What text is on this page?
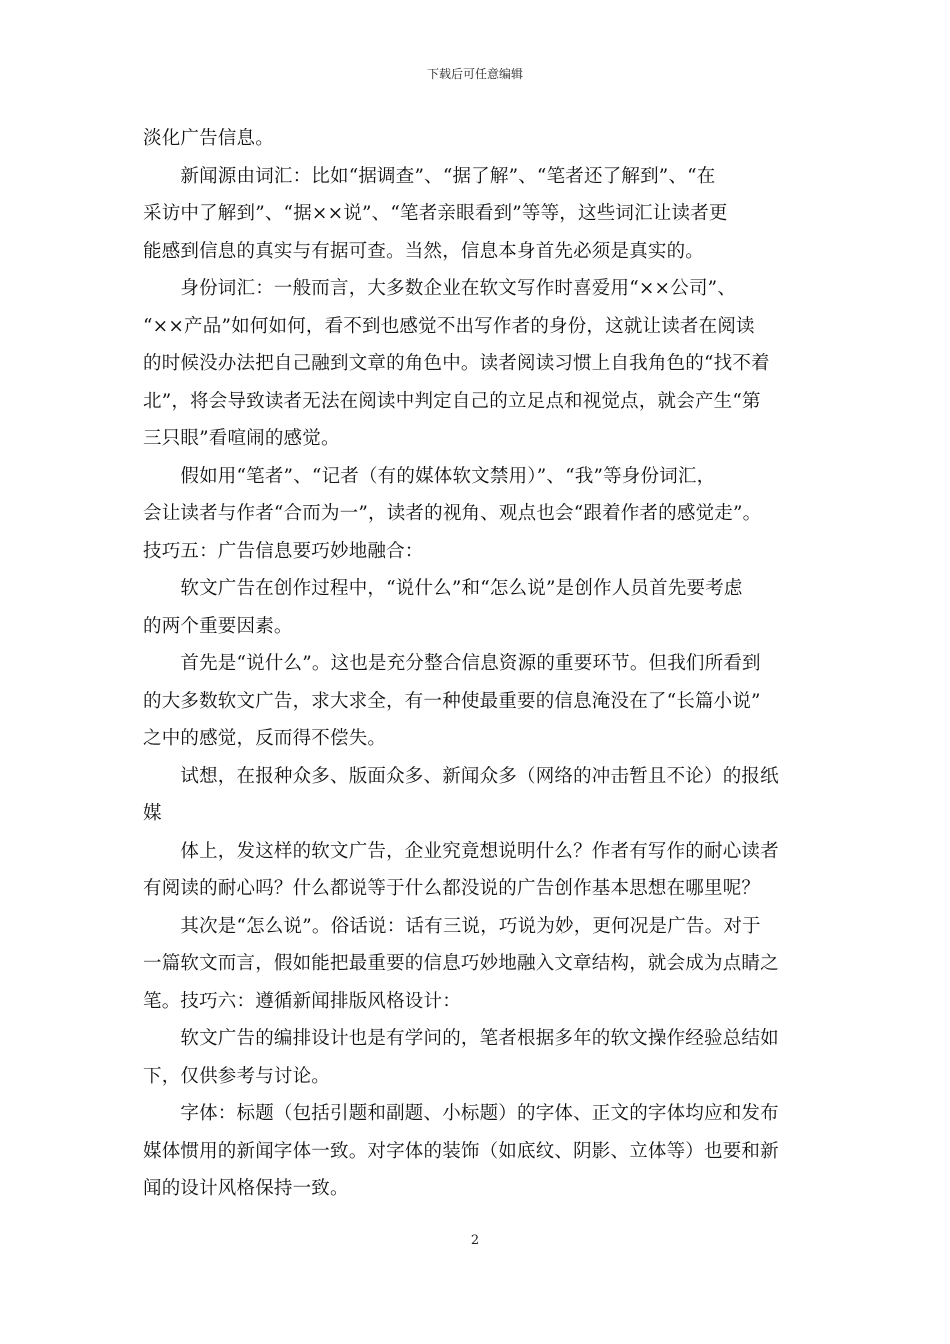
下载后可任意编辑
淡化广告信息。
　　新闻源由词汇：比如“据调查”、“据了解”、“笔者还了解到”、“在
采访中了解到”、“据××说”、“笔者亲眼看到”等等，这些词汇让读者更
能感到信息的真实与有据可查。当然，信息本身首先必须是真实的。
　　身份词汇：一般而言，大多数企业在软文写作时喜爱用“××公司”、
“××产品”如何如何，看不到也感觉不出写作者的身份，这就让读者在阅读
的时候没办法把自己融到文章的角色中。读者阅读习惯上自我角色的“找不着
北”，将会导致读者无法在阅读中判定自己的立足点和视觉点，就会产生“第
三只眼”看喧闹的感觉。
　　假如用“笔者”、“记者（有的媒体软文禁用）”、“我”等身份词汇，
会让读者与作者“合而为一”，读者的视角、观点也会“跟着作者的感觉走”。
技巧五：广告信息要巧妙地融合：
　　软文广告在创作过程中，“说什么”和“怎么说”是创作人员首先要考虑
的两个重要因素。
　　首先是“说什么”。这也是充分整合信息资源的重要环节。但我们所看到
的大多数软文广告，求大求全，有一种使最重要的信息淹没在了“长篇小说”
之中的感觉，反而得不偿失。
　　试想，在报种众多、版面众多、新闻众多（网络的冲击暂且不论）的报纸
媒
　　体上，发这样的软文广告，企业究竟想说明什么？作者有写作的耐心读者
有阅读的耐心吗？什么都说等于什么都没说的广告创作基本思想在哪里呢？
　　其次是“怎么说”。俗话说：话有三说，巧说为妙，更何况是广告。对于
一篇软文而言，假如能把最重要的信息巧妙地融入文章结构，就会成为点睛之
笔。技巧六：遵循新闻排版风格设计：
　　软文广告的编排设计也是有学问的，笔者根据多年的软文操作经验总结如
下，仅供参考与讨论。
　　字体：标题（包括引题和副题、小标题）的字体、正文的字体均应和发布
媒体惯用的新闻字体一致。对字体的装饰（如底纹、阴影、立体等）也要和新
闻的设计风格保持一致。
2
